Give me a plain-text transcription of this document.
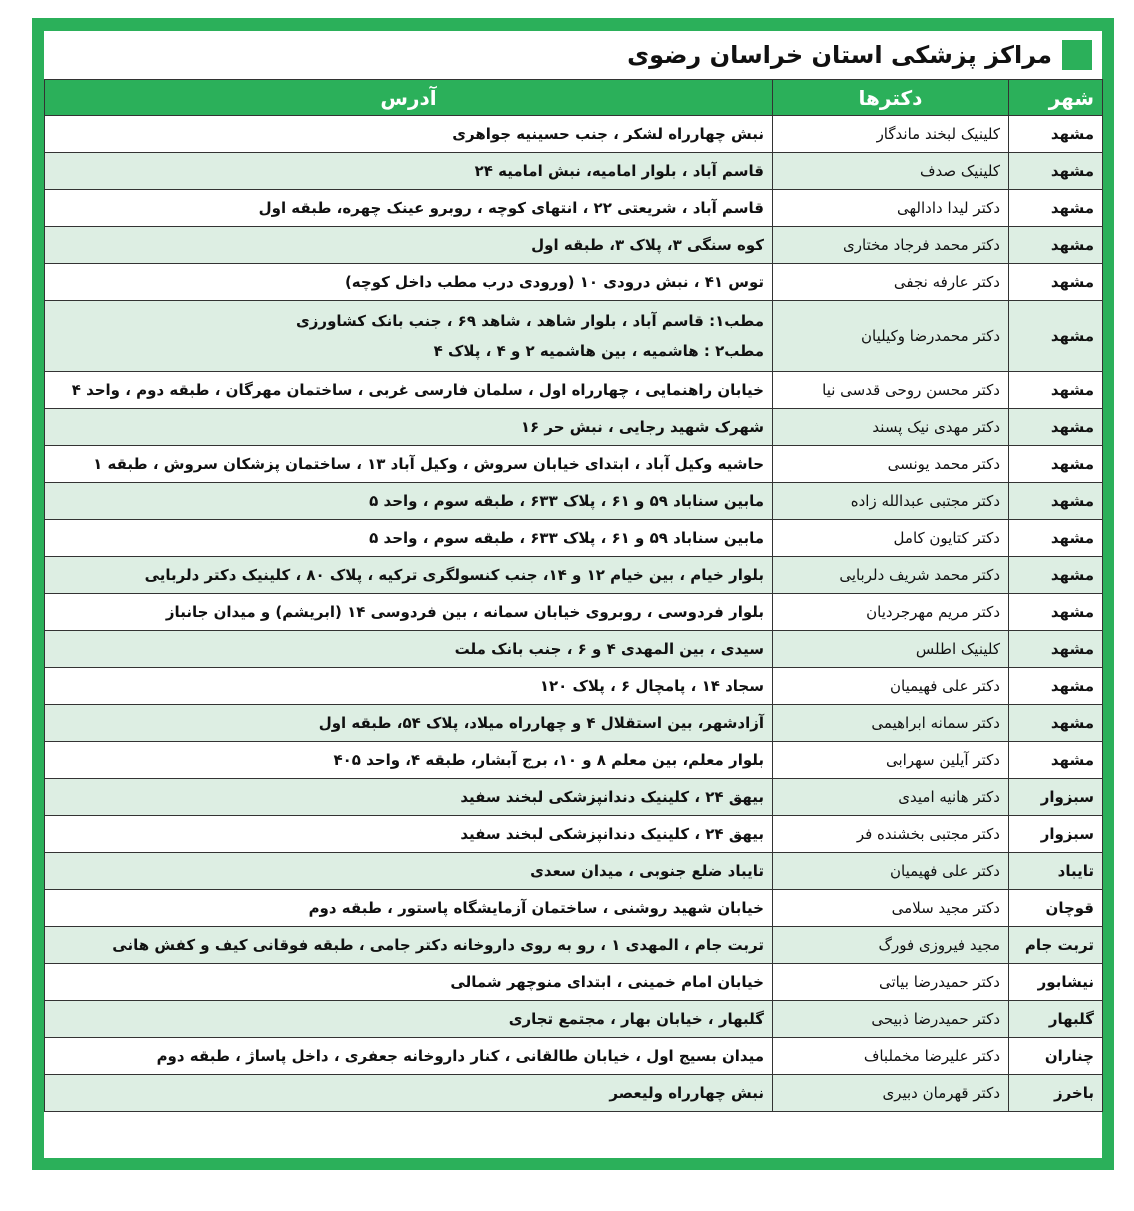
مراکز پزشکی استان خراسان رضوی
شهر	دکترها	آدرس
مشهد	کلینیک لبخند ماندگار	نبش چهارراه لشکر ، جنب حسینیه جواهری

مشهد	کلینیک صدف	قاسم آباد ، بلوار امامیه، نبش امامیه ۲۴

مشهد	دکتر لیدا دادالهی	قاسم آباد ، شریعتی ۲۲ ، انتهای کوچه ، روبرو عینک چهره، طبقه اول

مشهد	دکتر محمد فرجاد مختاری	کوه سنگی ۳، پلاک ۳، طبقه اول

مشهد	دکتر عارفه نجفی	توس ۴۱ ، نبش درودی ۱۰ (ورودی درب مطب داخل کوچه)

مشهد	دکتر محمدرضا وکیلیان	مطب۱: قاسم آباد ، بلوار شاهد ، شاهد ۶۹ ، جنب بانک کشاورزی
مطب۲ : هاشمیه ، بین هاشمیه ۲ و ۴ ، پلاک ۴

مشهد	دکتر محسن روحی قدسی نیا	خیابان راهنمایی ، چهارراه اول ، سلمان فارسی غربی ، ساختمان مهرگان ، طبقه دوم ، واحد ۴

مشهد	دکتر مهدی نیک پسند	شهرک شهید رجایی ، نبش حر ۱۶

مشهد	دکتر محمد یونسی	حاشیه وکیل آباد ، ابتدای خیابان سروش ، وکیل آباد ۱۳ ، ساختمان پزشکان سروش ، طبقه ۱

مشهد	دکتر مجتبی عبدالله زاده	مابین سناباد ۵۹ و ۶۱ ، پلاک ۶۳۳ ، طبقه سوم ، واحد ۵

مشهد	دکتر کتایون کامل	مابین سناباد ۵۹ و ۶۱ ، پلاک ۶۳۳ ، طبقه سوم ، واحد ۵

مشهد	دکتر محمد شریف دلربایی	بلوار خیام ، بین خیام ۱۲ و ۱۴، جنب کنسولگری ترکیه ، پلاک ۸۰ ، کلینیک دکتر دلربایی

مشهد	دکتر مریم مهرجردیان	بلوار فردوسی ، روبروی خیابان سمانه ، بین فردوسی ۱۴ (ابریشم) و میدان جانباز

مشهد	کلینیک اطلس	سیدی ، بین المهدی ۴ و ۶ ، جنب بانک ملت

مشهد	دکتر علی فهیمیان	سجاد ۱۴ ، پامچال ۶ ، پلاک ۱۲۰

مشهد	دکتر سمانه ابراهیمی	آزادشهر، بین استقلال ۴ و چهارراه میلاد، پلاک ۵۴، طبقه اول

مشهد	دکتر آیلین سهرابی	بلوار معلم، بین معلم ۸ و ۱۰، برج آبشار، طبقه ۴، واحد ۴۰۵

سبزوار	دکتر هانیه امیدی	بیهق ۲۴ ، کلینیک دندانپزشکی لبخند سفید

سبزوار	دکتر مجتبی بخشنده فر	بیهق ۲۴ ، کلینیک دندانپزشکی لبخند سفید

تایباد	دکتر علی فهیمیان	تایباد ضلع جنوبی ، میدان سعدی

قوچان	دکتر مجید سلامی	خیابان شهید روشنی ، ساختمان آزمایشگاه پاستور ، طبقه دوم

تربت جام	مجید فیروزی فورگ	تربت جام ، المهدی ۱ ، رو به روی داروخانه دکتر جامی ، طبقه فوقانی کیف و کفش هانی

نیشابور	دکتر حمیدرضا بیاتی	خیابان امام خمینی ، ابتدای منوچهر شمالی

گلبهار	دکتر حمیدرضا ذبیحی	گلبهار ، خیابان بهار ، مجتمع تجاری

چناران	دکتر علیرضا مخملباف	میدان بسیج اول ، خیابان طالقانی ، کنار داروخانه جعفری ، داخل پاساژ ، طبقه دوم

باخرز	دکتر قهرمان دبیری	نبش چهارراه ولیعصر
